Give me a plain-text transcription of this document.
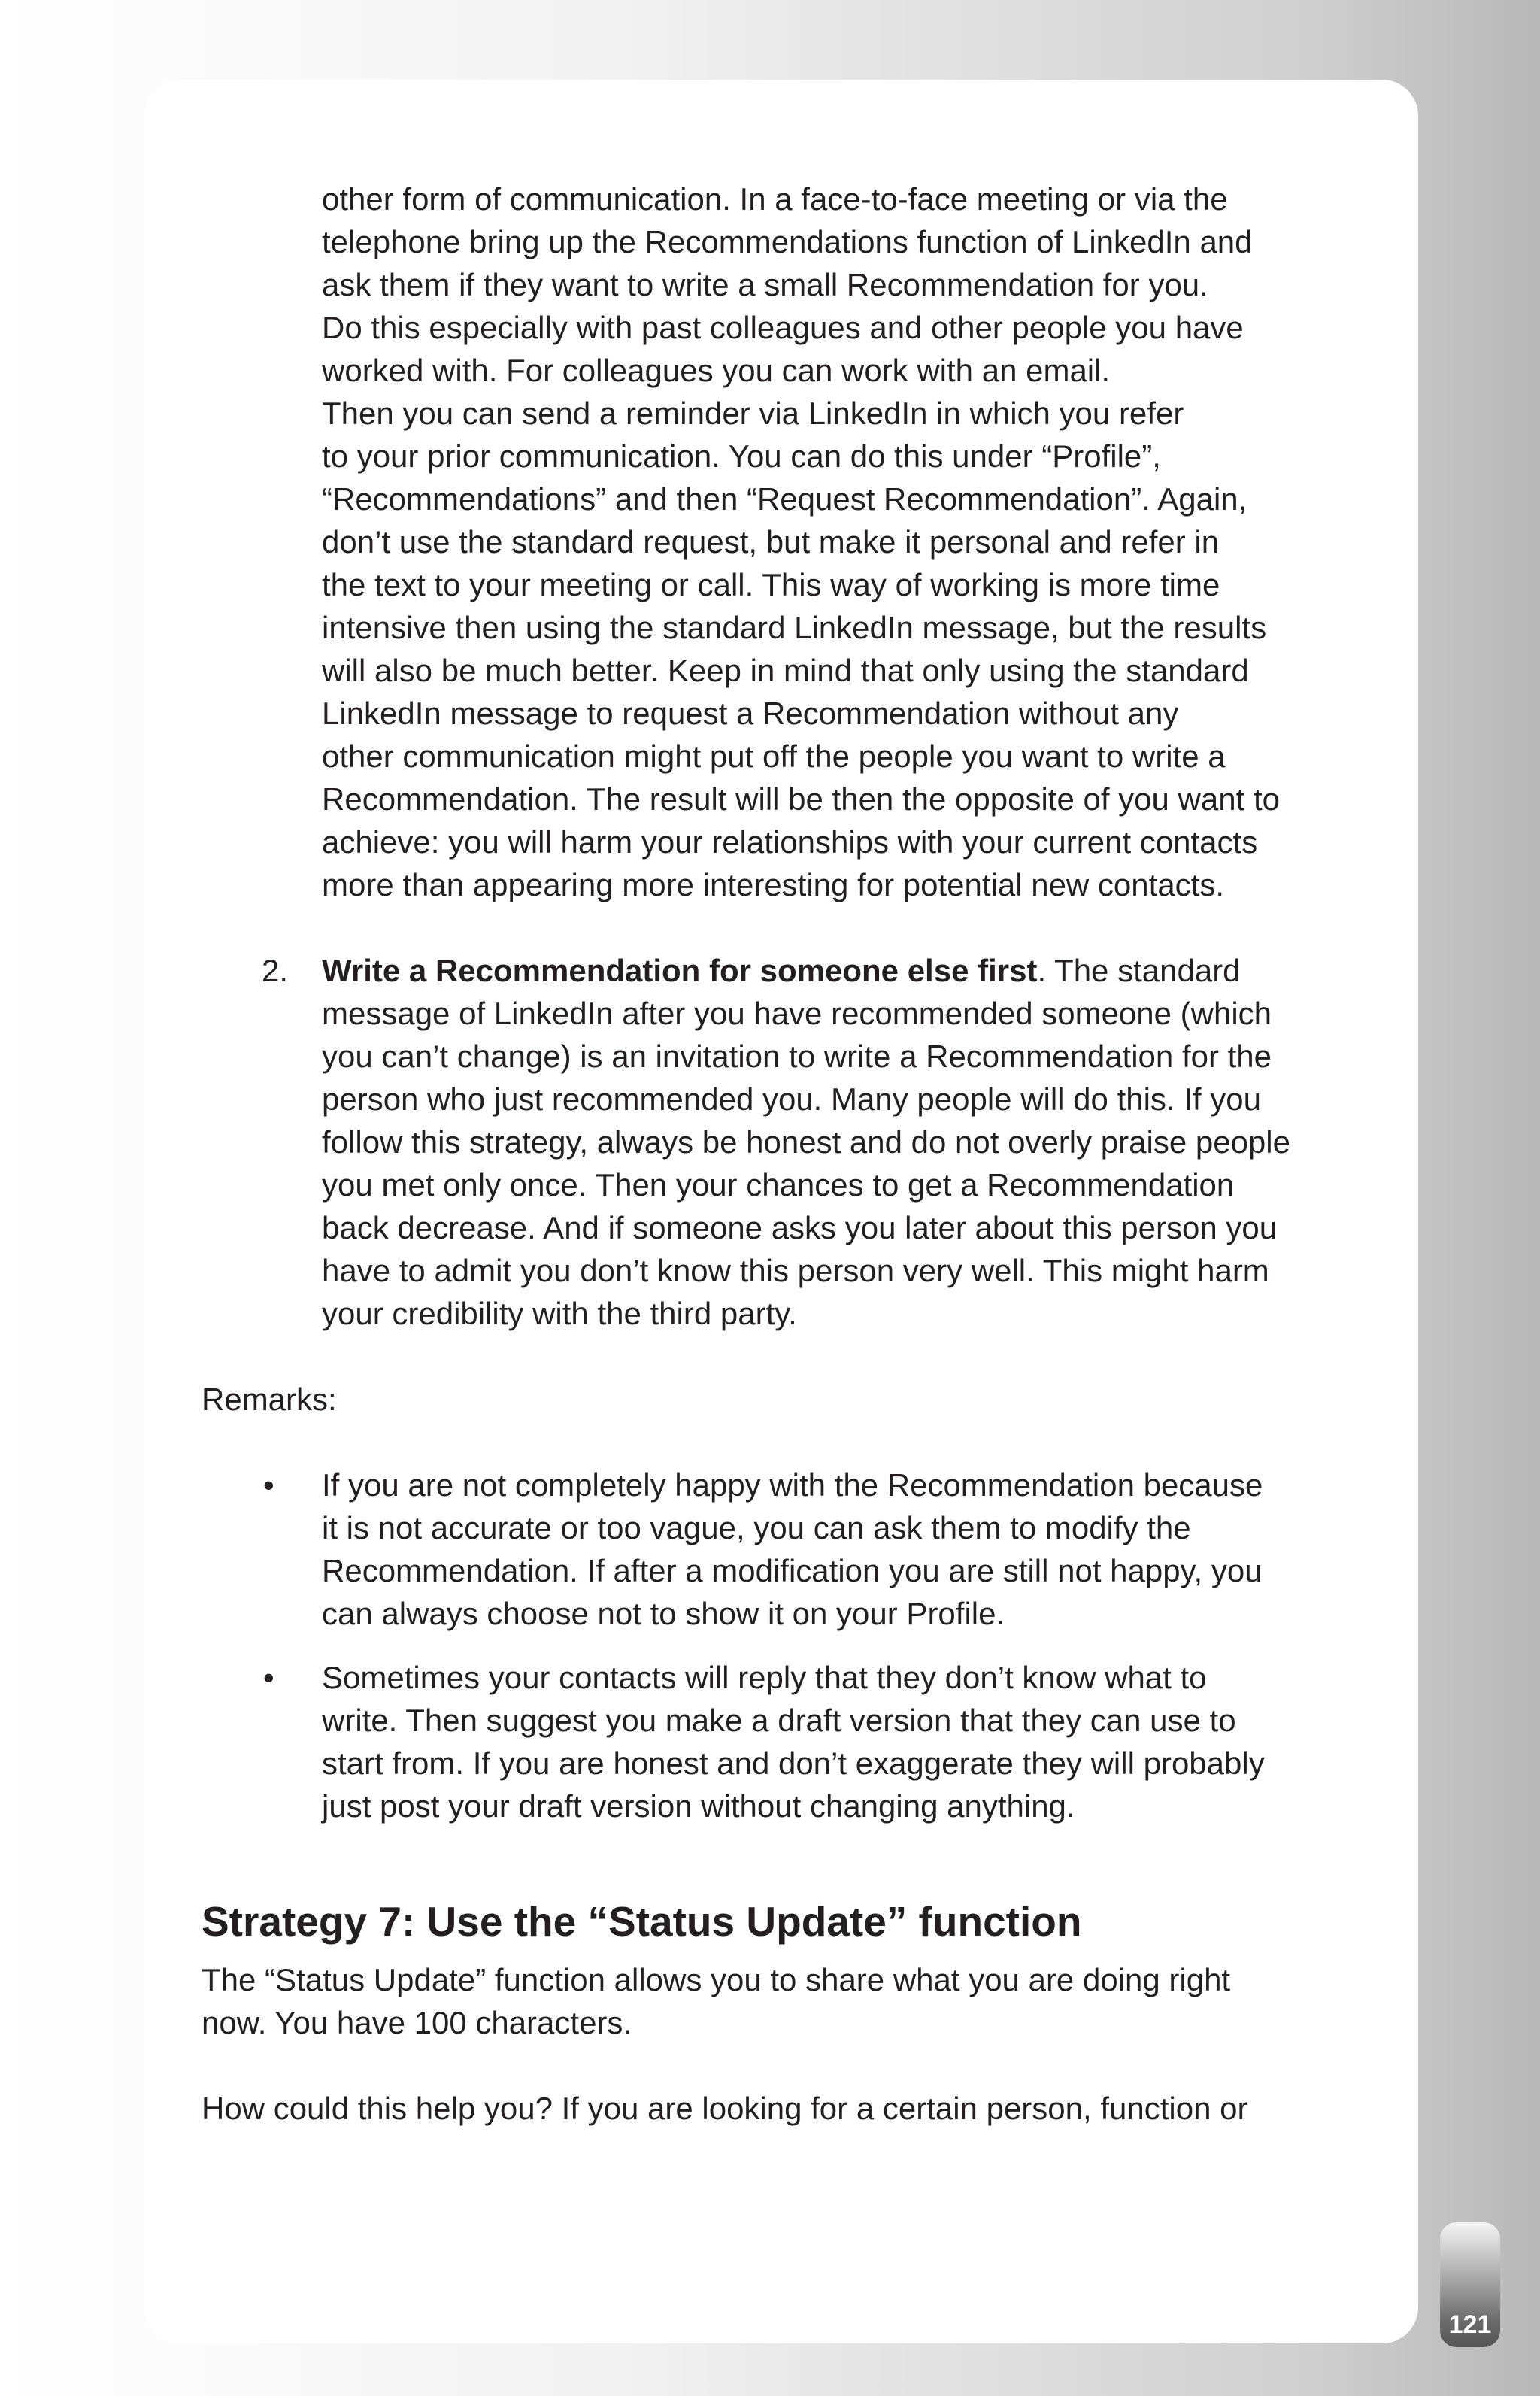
other form of communication. In a face-to-face meeting or via the
telephone bring up the Recommendations function of LinkedIn and
ask them if they want to write a small Recommendation for you.
Do this especially with past colleagues and other people you have
worked with. For colleagues you can work with an email.
Then you can send a reminder via LinkedIn in which you refer
to your prior communication. You can do this under “Profile”,
“Recommendations” and then “Request Recommendation”. Again,
don’t use the standard request, but make it personal and refer in
the text to your meeting or call. This way of working is more time
intensive then using the standard LinkedIn message, but the results
will also be much better. Keep in mind that only using the standard
LinkedIn message to request a Recommendation without any
other communication might put off the people you want to write a
Recommendation. The result will be then the opposite of you want to
achieve: you will harm your relationships with your current contacts
more than appearing more interesting for potential new contacts.
2. Write a Recommendation for someone else first. The standard
message of LinkedIn after you have recommended someone (which
you can’t change) is an invitation to write a Recommendation for the
person who just recommended you. Many people will do this. If you
follow this strategy, always be honest and do not overly praise people
you met only once. Then your chances to get a Recommendation
back decrease. And if someone asks you later about this person you
have to admit you don’t know this person very well. This might harm
your credibility with the third party.
Remarks:
• If you are not completely happy with the Recommendation because
it is not accurate or too vague, you can ask them to modify the
Recommendation. If after a modification you are still not happy, you
can always choose not to show it on your Profile.
• Sometimes your contacts will reply that they don’t know what to
write. Then suggest you make a draft version that they can use to
start from. If you are honest and don’t exaggerate they will probably
just post your draft version without changing anything.
Strategy 7: Use the “Status Update” function
The “Status Update” function allows you to share what you are doing right
now. You have 100 characters.
How could this help you? If you are looking for a certain person, function or
121
